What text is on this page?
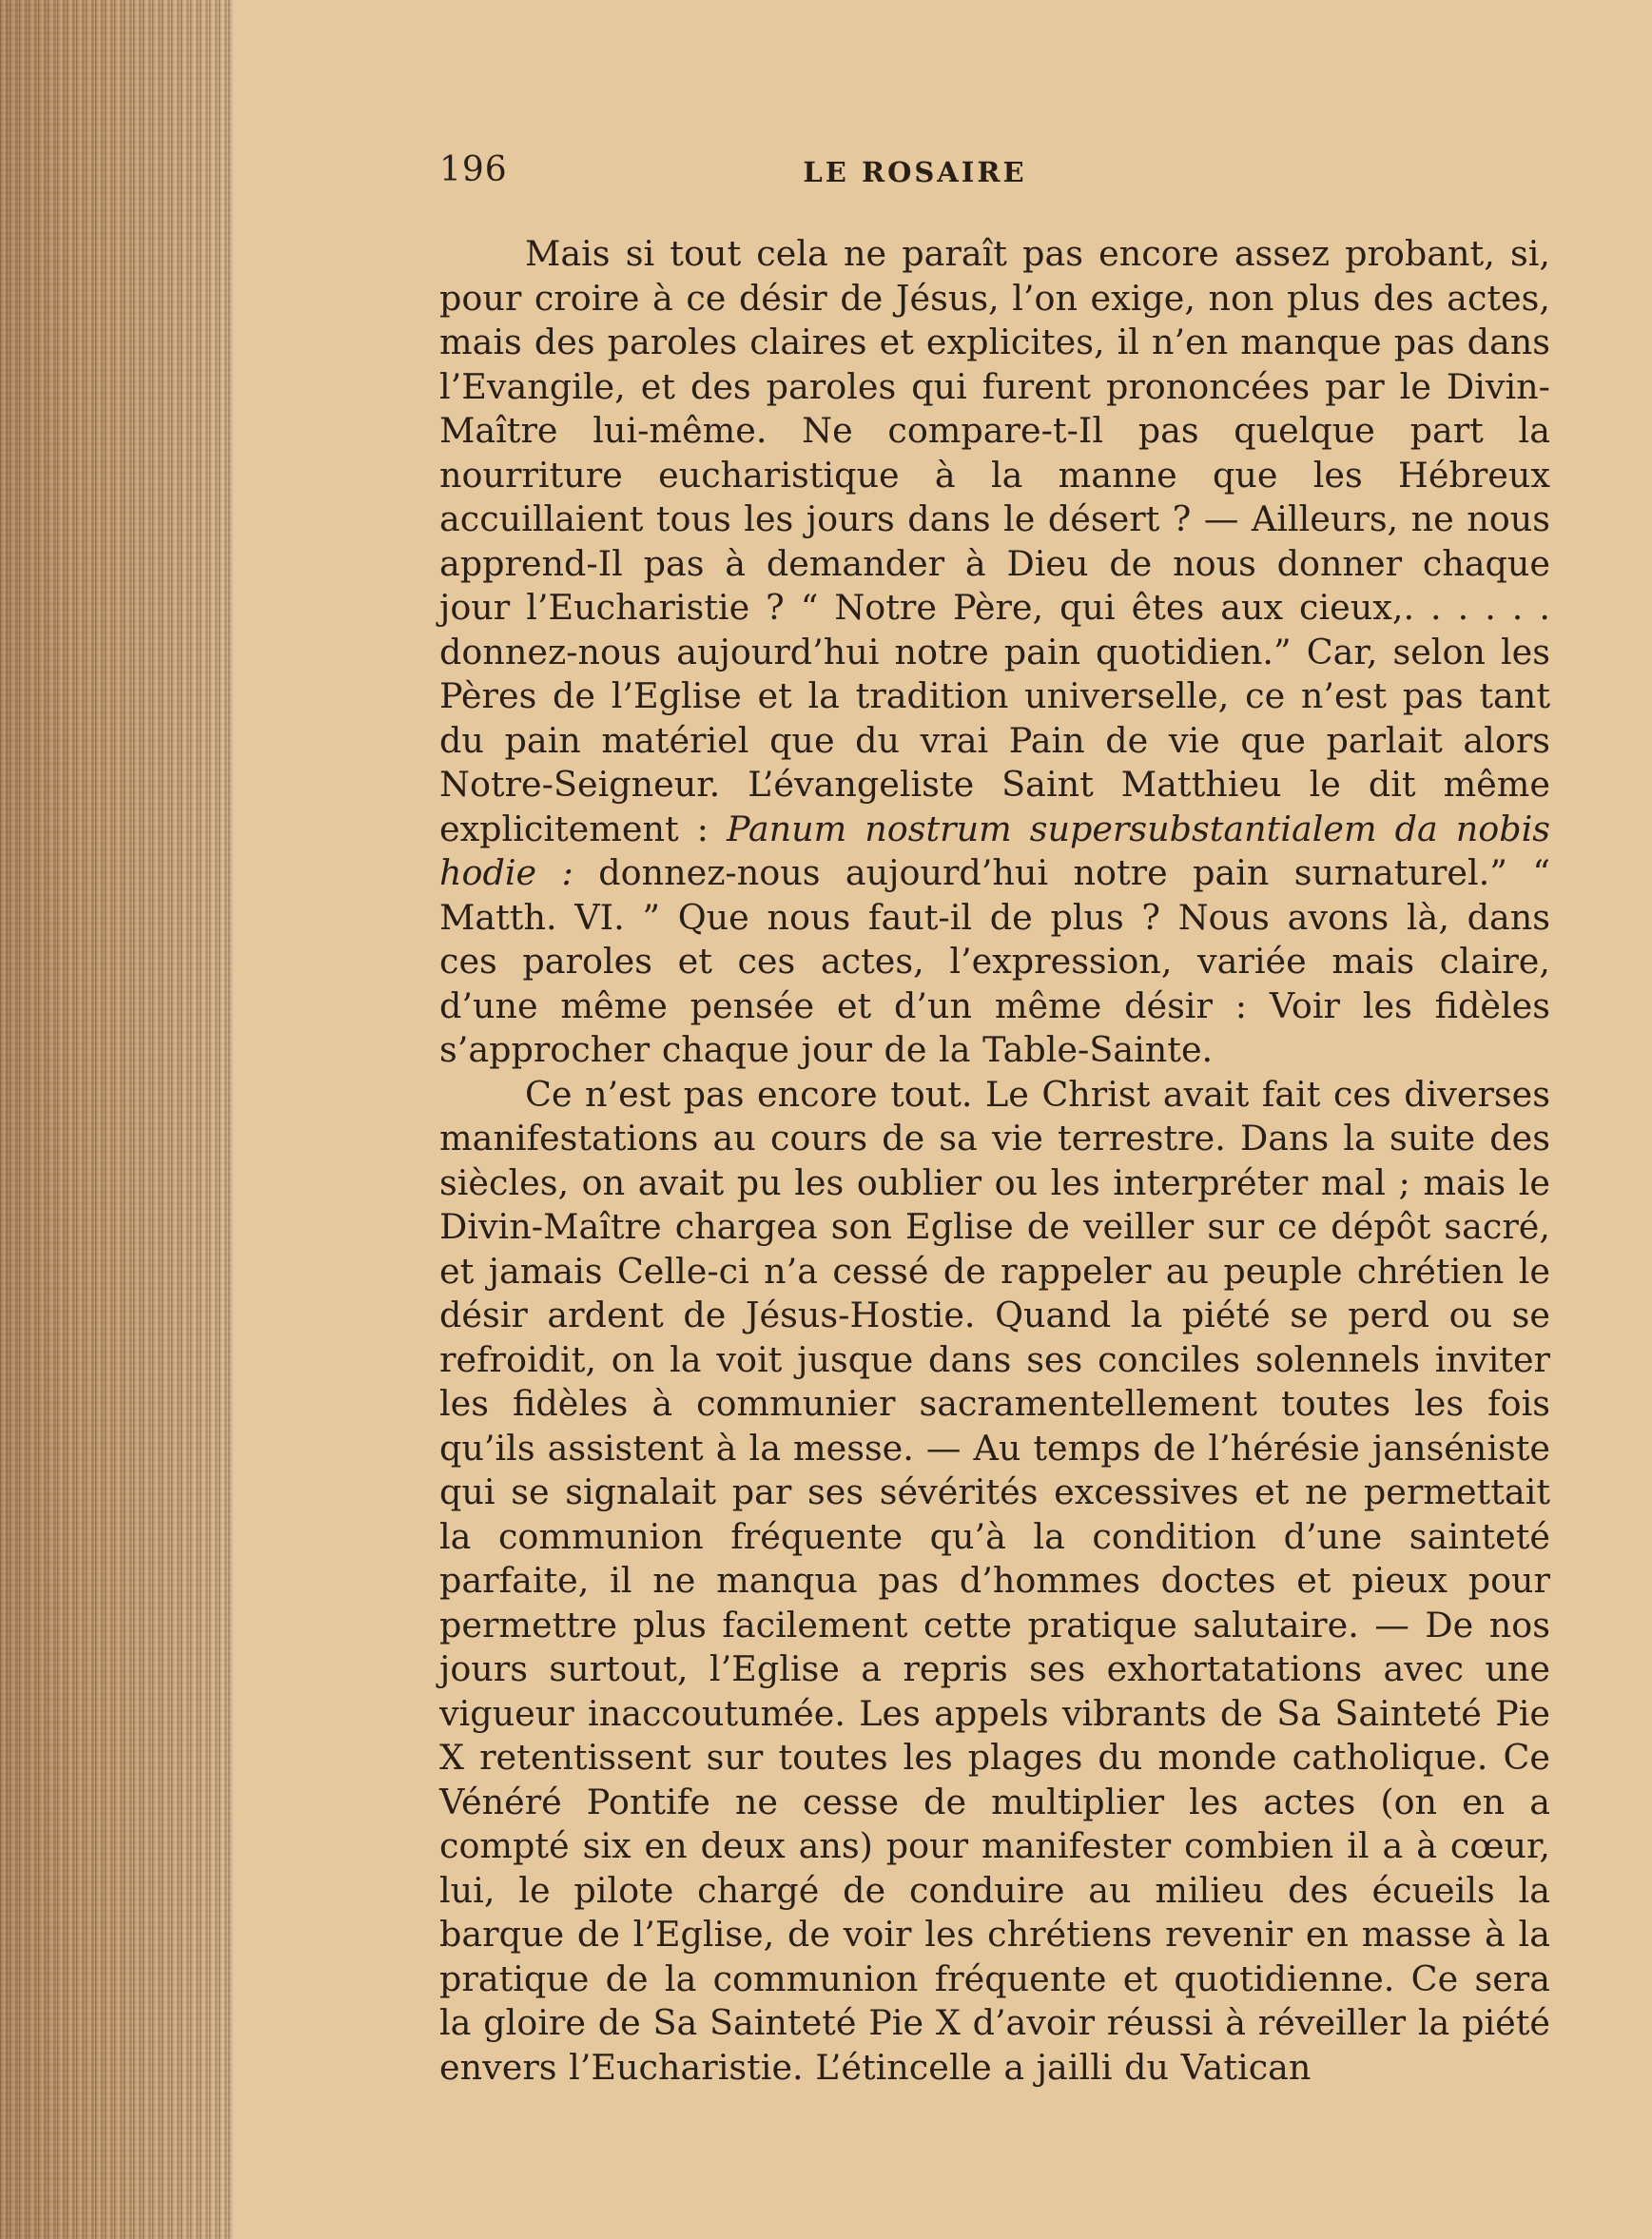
196	LE ROSAIRE

Mais si tout cela ne paraît pas encore assez probant, si, pour croire à ce désir de Jésus, l’on exige, non plus des actes, mais des paroles claires et explicites, il n’en manque pas dans l’Evangile, et des paroles qui furent prononcées par le Divin-Maître lui-même. Ne compare-t-Il pas quelque part la nourriture eucharistique à la manne que les Hébreux accuillaient tous les jours dans le désert ? — Ailleurs, ne nous apprend-Il pas à demander à Dieu de nous donner chaque jour l’Eucharistie ? “ Notre Père, qui êtes aux cieux,. . . . . . donnez-nous aujourd’hui notre pain quotidien.” Car, selon les Pères de l’Eglise et la tradition universelle, ce n’est pas tant du pain matériel que du vrai Pain de vie que parlait alors Notre-Seigneur. L’évangeliste Saint Matthieu le dit même explicitement : Panum nostrum supersubstantialem da nobis hodie : donnez-nous aujourd’hui notre pain surnaturel.” “ Matth. VI. ” Que nous faut-il de plus ? Nous avons là, dans ces paroles et ces actes, l’expression, variée mais claire, d’une même pensée et d’un même désir : Voir les fidèles s’approcher chaque jour de la Table-Sainte.

Ce n’est pas encore tout. Le Christ avait fait ces diverses manifestations au cours de sa vie terrestre. Dans la suite des siècles, on avait pu les oublier ou les interpréter mal ; mais le Divin-Maître chargea son Eglise de veiller sur ce dépôt sacré, et jamais Celle-ci n’a cessé de rappeler au peuple chrétien le désir ardent de Jésus-Hostie. Quand la piété se perd ou se refroidit, on la voit jusque dans ses conciles solennels inviter les fidèles à communier sacramentellement toutes les fois qu’ils assistent à la messe. — Au temps de l’hérésie janséniste qui se signalait par ses sévérités excessives et ne permettait la communion fréquente qu’à la condition d’une sainteté parfaite, il ne manqua pas d’hommes doctes et pieux pour permettre plus facilement cette pratique salutaire. — De nos jours surtout, l’Eglise a repris ses exhortatations avec une vigueur inaccoutumée. Les appels vibrants de Sa Sainteté Pie X retentissent sur toutes les plages du monde catholique. Ce Vénéré Pontife ne cesse de multiplier les actes (on en a compté six en deux ans) pour manifester combien il a à cœur, lui, le pilote chargé de conduire au milieu des écueils la barque de l’Eglise, de voir les chrétiens revenir en masse à la pratique de la communion fréquente et quotidienne. Ce sera la gloire de Sa Sainteté Pie X d’avoir réussi à réveiller la piété envers l’Eucharistie. L’étincelle a jailli du Vatican
